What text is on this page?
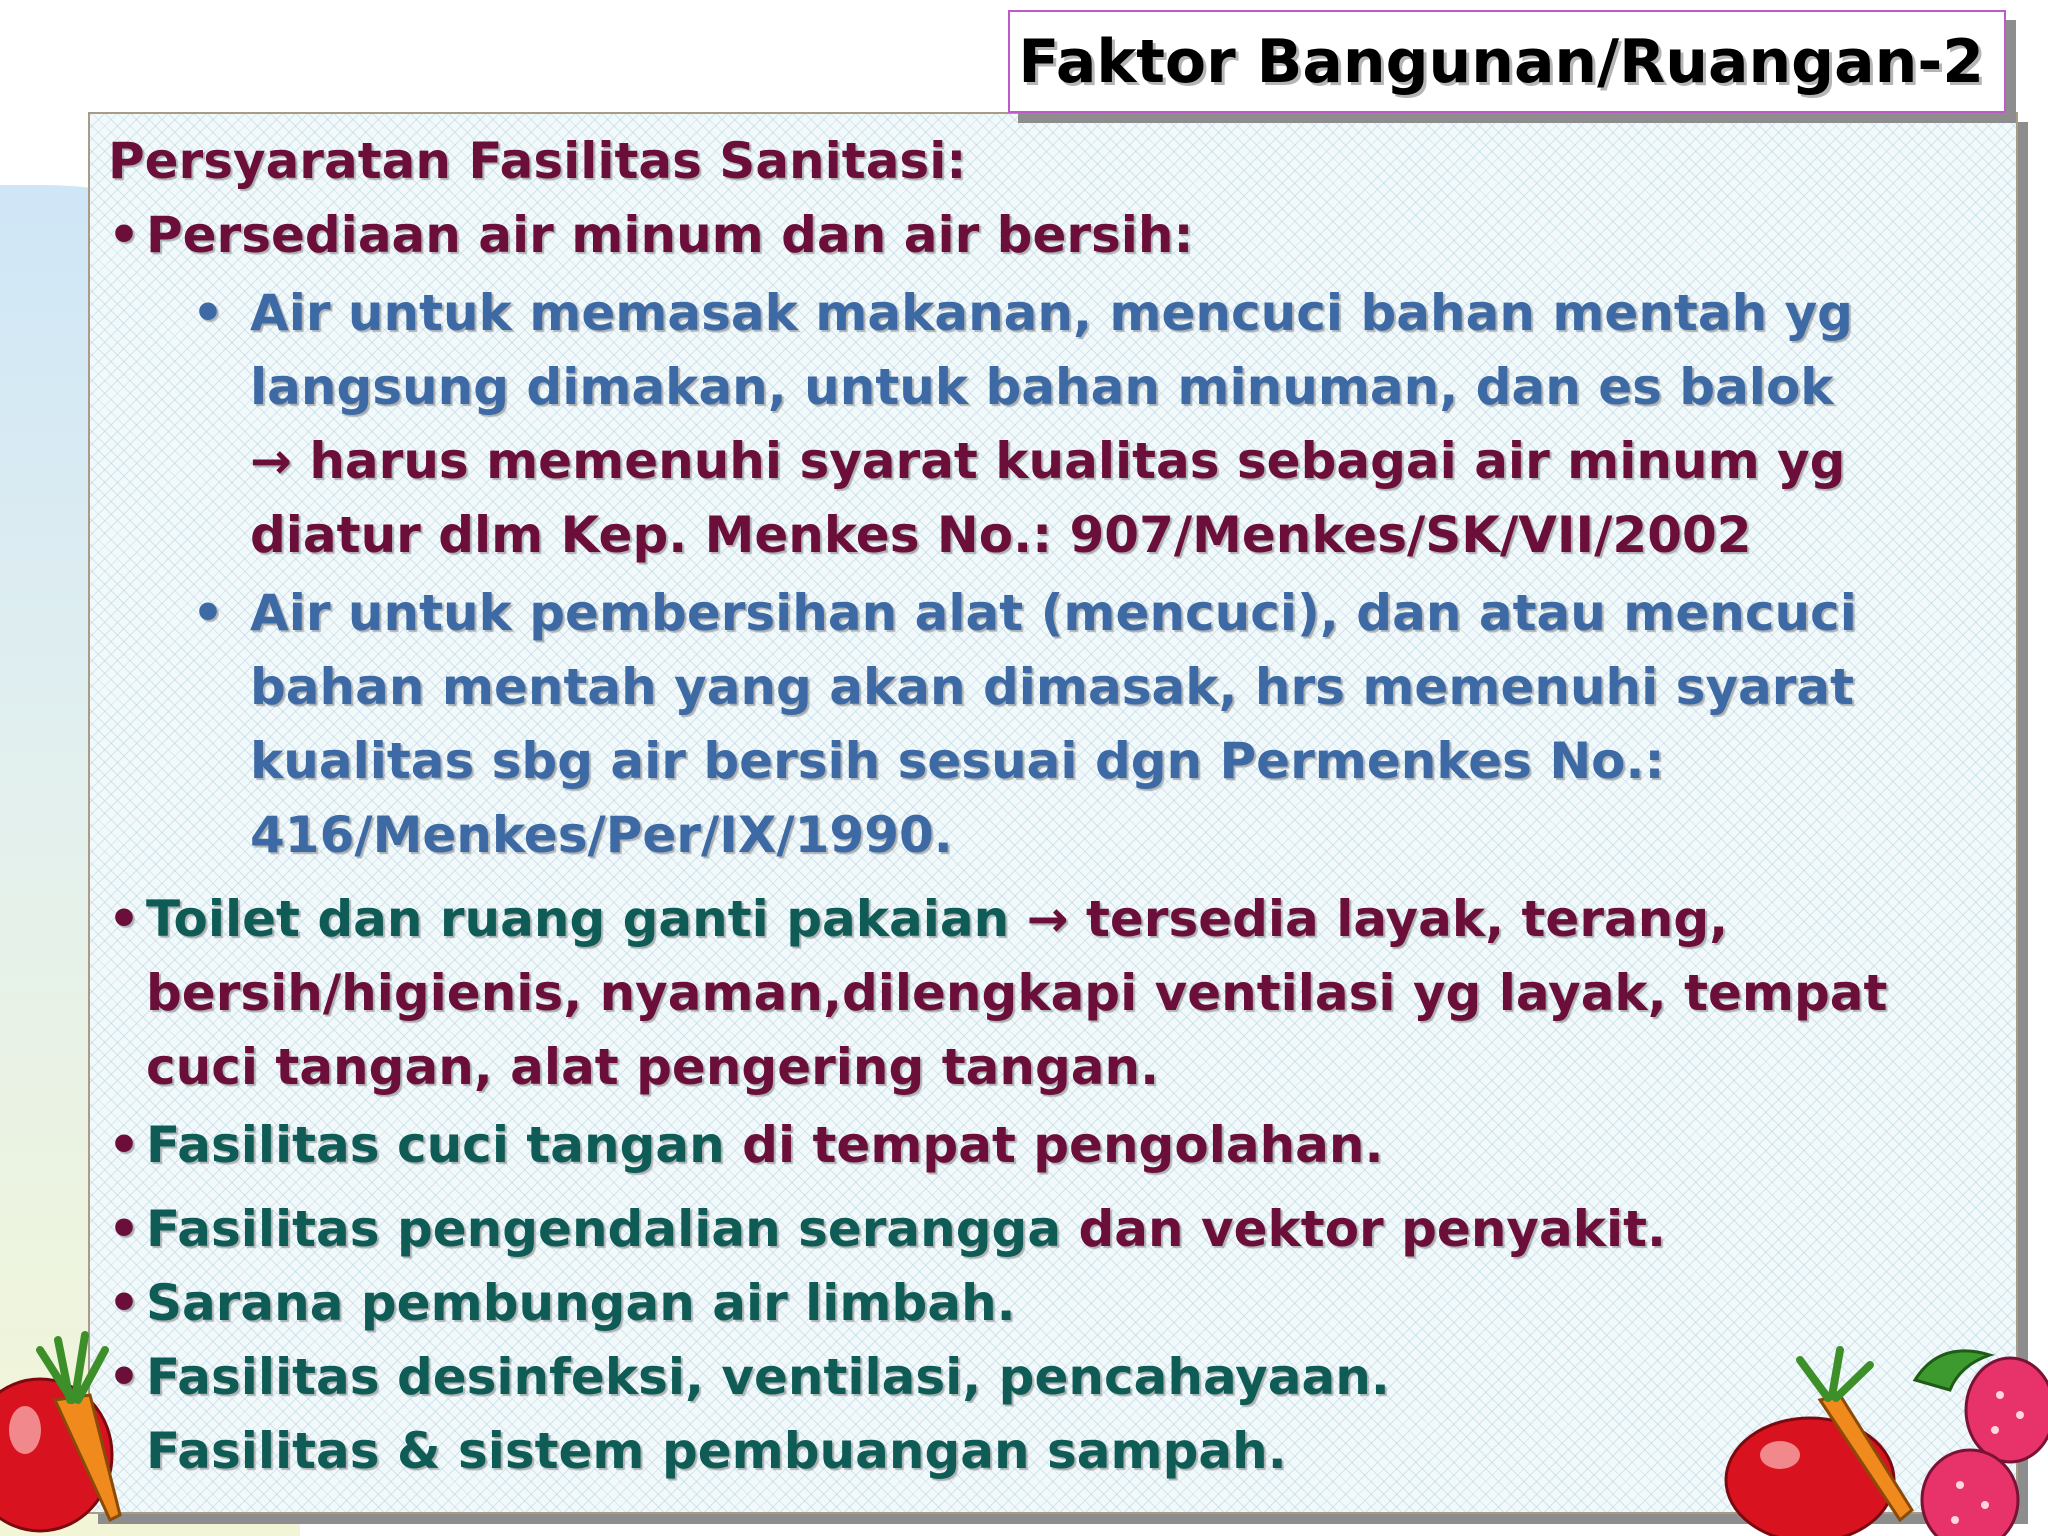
Faktor Bangunan/Ruangan-2
Persyaratan Fasilitas Sanitasi:
• Persediaan air minum dan air bersih:
• Air untuk memasak makanan, mencuci bahan mentah yg
langsung dimakan, untuk bahan minuman, dan es balok
→ harus memenuhi syarat kualitas sebagai air minum yg
diatur dlm Kep. Menkes No.: 907/Menkes/SK/VII/2002
• Air untuk pembersihan alat (mencuci), dan atau mencuci
bahan mentah yang akan dimasak, hrs memenuhi syarat
kualitas sbg air bersih sesuai dgn Permenkes No.:
416/Menkes/Per/IX/1990.
• Toilet dan ruang ganti pakaian → tersedia layak, terang,
bersih/higienis, nyaman,dilengkapi ventilasi yg layak, tempat
cuci tangan, alat pengering tangan.
• Fasilitas cuci tangan di tempat pengolahan.
• Fasilitas pengendalian serangga dan vektor penyakit.
• Sarana pembungan air limbah.
• Fasilitas desinfeksi, ventilasi, pencahayaan.
Fasilitas & sistem pembuangan sampah.
